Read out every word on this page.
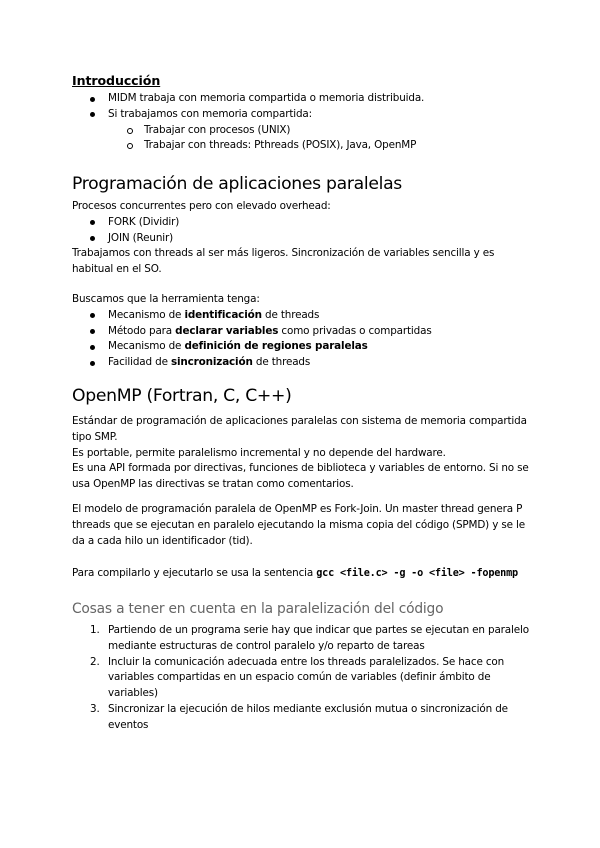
Introducción
MIDM trabaja con memoria compartida o memoria distribuida.
Si trabajamos con memoria compartida:
Trabajar con procesos (UNIX)
Trabajar con threads: Pthreads (POSIX), Java, OpenMP
Programación de aplicaciones paralelas

Procesos concurrentes pero con elevado overhead:

FORK (Dividir)
JOIN (Reunir)

Trabajamos con threads al ser más ligeros. Sincronización de variables sencilla y es habitual en el SO.

Buscamos que la herramienta tenga:

Mecanismo de identificación de threads
Método para declarar variables como privadas o compartidas
Mecanismo de definición de regiones paralelas
Facilidad de sincronización de threads
OpenMP (Fortran, C, C++)

Estándar de programación de aplicaciones paralelas con sistema de memoria compartida tipo SMP.

Es portable, permite paralelismo incremental y no depende del hardware.

Es una API formada por directivas, funciones de biblioteca y variables de entorno. Si no se usa OpenMP las directivas se tratan como comentarios.

El modelo de programación paralela de OpenMP es Fork-Join. Un master thread genera P threads que se ejecutan en paralelo ejecutando la misma copia del código (SPMD) y se le da a cada hilo un identificador (tid).

Para compilarlo y ejecutarlo se usa la sentencia gcc <file.c> -g -o <file> -fopenmp
Cosas a tener en cuenta en la paralelización del código
1. Partiendo de un programa serie hay que indicar que partes se ejecutan en paralelo mediante estructuras de control paralelo y/o reparto de tareas
2. Incluir la comunicación adecuada entre los threads paralelizados. Se hace con variables compartidas en un espacio común de variables (definir ámbito de variables)
3. Sincronizar la ejecución de hilos mediante exclusión mutua o sincronización de eventos
